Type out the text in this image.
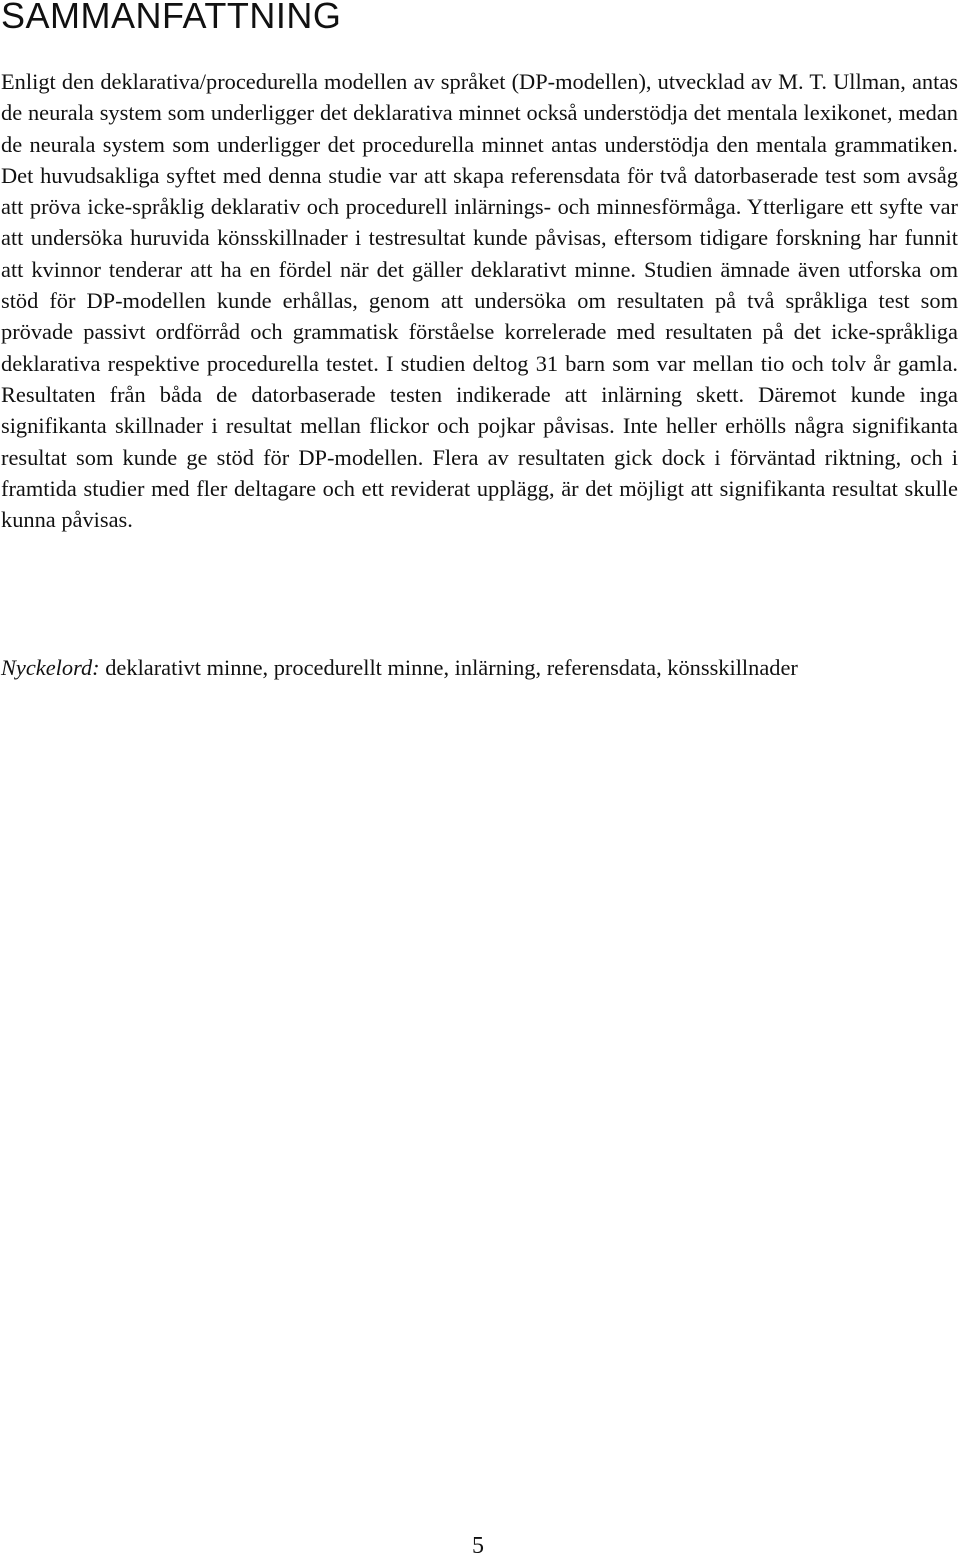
SAMMANFATTNING

Enligt den deklarativa/procedurella modellen av språket (DP-modellen), utvecklad av M. T. Ullman, antas de neurala system som underligger det deklarativa minnet också understödja det mentala lexikonet, medan de neurala system som underligger det procedurella minnet antas understödja den mentala grammatiken. Det huvudsakliga syftet med denna studie var att skapa referensdata för två datorbaserade test som avsåg att pröva icke-språklig deklarativ och procedurell inlärnings- och minnesförmåga. Ytterligare ett syfte var att undersöka huruvida könsskillnader i testresultat kunde påvisas, eftersom tidigare forskning har funnit att kvinnor tenderar att ha en fördel när det gäller deklarativt minne. Studien ämnade även utforska om stöd för DP-modellen kunde erhållas, genom att undersöka om resultaten på två språkliga test som prövade passivt ordförråd och grammatisk förståelse korrelerade med resultaten på det icke-språkliga deklarativa respektive procedurella testet. I studien deltog 31 barn som var mellan tio och tolv år gamla. Resultaten från båda de datorbaserade testen indikerade att inlärning skett. Däremot kunde inga signifikanta skillnader i resultat mellan flickor och pojkar påvisas. Inte heller erhölls några signifikanta resultat som kunde ge stöd för DP-modellen. Flera av resultaten gick dock i förväntad riktning, och i framtida studier med fler deltagare och ett reviderat upplägg, är det möjligt att signifikanta resultat skulle kunna påvisas.

Nyckelord: deklarativt minne, procedurellt minne, inlärning, referensdata, könsskillnader

5
